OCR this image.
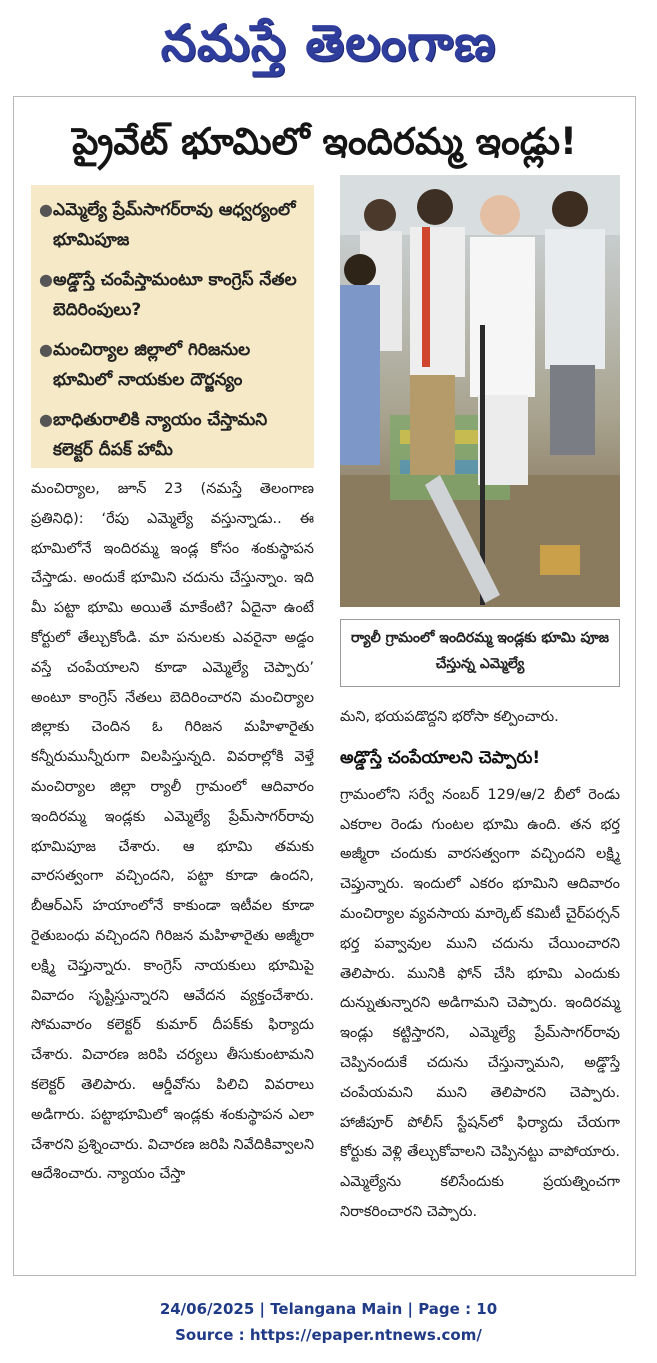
నమస్తే తెలంగాణ
ప్రైవేట్ భూమిలో ఇందిరమ్మ ఇండ్లు!
● ఎమ్మెల్యే ప్రేమ్‌సాగర్‌రావు ఆధ్వర్యంలో భూమిపూజ
● అడ్డొస్తే చంపేస్తామంటూ కాంగ్రెస్ నేతల బెదిరింపులు?
● మంచిర్యాల జిల్లాలో గిరిజనుల భూమిలో నాయకుల దౌర్జన్యం
● బాధితురాలికి న్యాయం చేస్తామని కలెక్టర్ దీపక్ హామీ
ర్యాలీ గ్రామంలో ఇందిరమ్మ ఇండ్లకు భూమి పూజ చేస్తున్న ఎమ్మెల్యే

మంచిర్యాల, జూన్ 23 (నమస్తే తెలంగాణ ప్రతినిధి): ‘రేపు ఎమ్మెల్యే వస్తున్నాడు.. ఈ భూమిలోనే ఇందిరమ్మ ఇండ్ల కోసం శంకుస్థాపన చేస్తాడు. అందుకే భూమిని చదును చేస్తున్నాం. ఇది మీ పట్టా భూమి అయితే మాకేంటి? ఏదైనా ఉంటే కోర్టులో తేల్చుకోండి. మా పనులకు ఎవరైనా అడ్డం వస్తే చంపేయాలని కూడా ఎమ్మెల్యే చెప్పారు’ అంటూ కాంగ్రెస్ నేతలు బెదిరించారని మంచిర్యాల జిల్లాకు చెందిన ఓ గిరిజన మహిళారైతు కన్నీరుమున్నీరుగా విలపిస్తున్నది. వివరాల్లోకి వెళ్తే మంచిర్యాల జిల్లా ర్యాలీ గ్రామంలో ఆదివారం ఇందిరమ్మ ఇండ్లకు ఎమ్మెల్యే ప్రేమ్‌సాగర్‌రావు భూమిపూజ చేశారు. ఆ భూమి తమకు వారసత్వంగా వచ్చిందని, పట్టా కూడా ఉందని, బీఆర్‌ఎస్ హయాంలోనే కాకుండా ఇటీవల కూడా రైతుబంధు వచ్చిందని గిరిజన మహిళారైతు అజ్మీరా లక్ష్మి చెప్తున్నారు. కాంగ్రెస్ నాయకులు భూమిపై వివాదం సృష్టిస్తున్నారని ఆవేదన వ్యక్తంచేశారు. సోమవారం కలెక్టర్ కుమార్ దీపక్‌కు ఫిర్యాదు చేశారు. విచారణ జరిపి చర్యలు తీసుకుంటామని కలెక్టర్ తెలిపారు. ఆర్డీవోను పిలిచి వివరాలు అడిగారు. పట్టాభూమిలో ఇండ్లకు శంకుస్థాపన ఎలా చేశారని ప్రశ్నించారు. విచారణ జరిపి నివేదికివ్వాలని ఆదేశించారు. న్యాయం చేస్తా

మని, భయపడొద్దని భరోసా కల్పించారు.

అడ్డొస్తే చంపేయాలని చెప్పారు!

గ్రామంలోని సర్వే నంబర్ 129/ఆ/2 బీలో రెండు ఎకరాల రెండు గుంటల భూమి ఉంది. తన భర్త అజ్మీరా చందుకు వారసత్వంగా వచ్చిందని లక్ష్మి చెప్తున్నారు. ఇందులో ఎకరం భూమిని ఆదివారం మంచిర్యాల వ్యవసాయ మార్కెట్ కమిటీ చైర్‌పర్సన్ భర్త పవ్వావుల ముని చదును చేయించారని తెలిపారు. మునికి ఫోన్ చేసి భూమి ఎందుకు దున్నుతున్నారని అడిగామని చెప్పారు. ఇందిరమ్మ ఇండ్లు కట్టిస్తారని, ఎమ్మెల్యే ప్రేమ్‌సాగర్‌రావు చెప్పినందుకే చదును చేస్తున్నామని, అడ్డొస్తే చంపేయమని ముని తెలిపారని చెప్పారు. హాజీపూర్ పోలీస్ స్టేషన్‌లో ఫిర్యాదు చేయగా కోర్టుకు వెళ్లి తేల్చుకోవాలని చెప్పినట్టు వాపోయారు. ఎమ్మెల్యేను కలిసేందుకు ప్రయత్నించగా నిరాకరించారని చెప్పారు.

24/06/2025 | Telangana Main | Page : 10
Source : https://epaper.ntnews.com/
